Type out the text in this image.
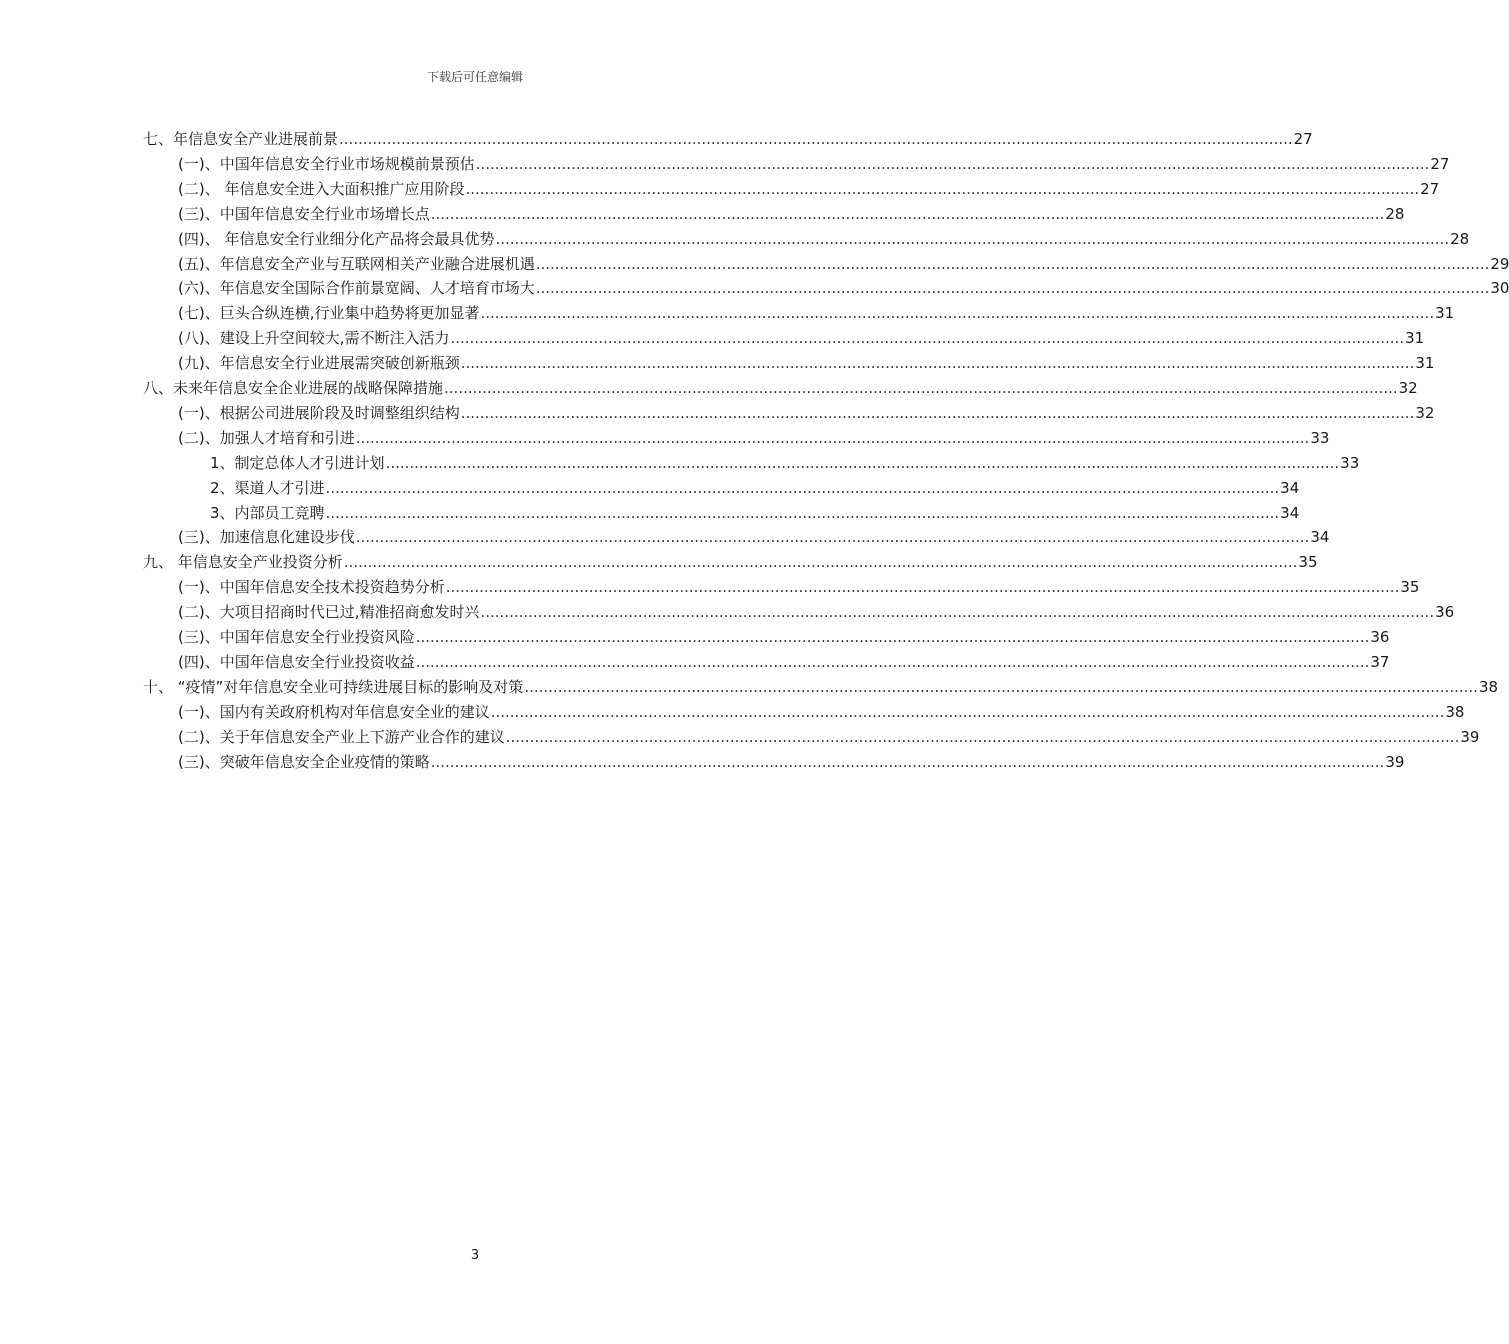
下载后可任意编辑
七、年信息安全产业进展前景 ........................................................................................................................................................................................................ 27
(一)、中国年信息安全行业市场规模前景预估 ........................................................................................................................................................................................................ 27
(二)、 年信息安全进入大面积推广应用阶段 ........................................................................................................................................................................................................ 27
(三)、中国年信息安全行业市场增长点 ........................................................................................................................................................................................................ 28
(四)、 年信息安全行业细分化产品将会最具优势 ........................................................................................................................................................................................................ 28
(五)、年信息安全产业与互联网相关产业融合进展机遇 ........................................................................................................................................................................................................ 29
(六)、年信息安全国际合作前景宽阔、人才培育市场大 ........................................................................................................................................................................................................ 30
(七)、巨头合纵连横,行业集中趋势将更加显著 ........................................................................................................................................................................................................ 31
(八)、建设上升空间较大,需不断注入活力 ........................................................................................................................................................................................................ 31
(九)、年信息安全行业进展需突破创新瓶颈 ........................................................................................................................................................................................................ 31
八、未来年信息安全企业进展的战略保障措施 ........................................................................................................................................................................................................ 32
(一)、根据公司进展阶段及时调整组织结构 ........................................................................................................................................................................................................ 32
(二)、加强人才培育和引进 ........................................................................................................................................................................................................ 33
1、制定总体人才引进计划 ........................................................................................................................................................................................................ 33
2、渠道人才引进 ........................................................................................................................................................................................................ 34
3、内部员工竞聘 ........................................................................................................................................................................................................ 34
(三)、加速信息化建设步伐 ........................................................................................................................................................................................................ 34
九、 年信息安全产业投资分析 ........................................................................................................................................................................................................ 35
(一)、中国年信息安全技术投资趋势分析 ........................................................................................................................................................................................................ 35
(二)、大项目招商时代已过,精准招商愈发时兴 ........................................................................................................................................................................................................ 36
(三)、中国年信息安全行业投资风险 ........................................................................................................................................................................................................ 36
(四)、中国年信息安全行业投资收益 ........................................................................................................................................................................................................ 37
十、 “疫情”对年信息安全业可持续进展目标的影响及对策 ........................................................................................................................................................................................................ 38
(一)、国内有关政府机构对年信息安全业的建议 ........................................................................................................................................................................................................ 38
(二)、关于年信息安全产业上下游产业合作的建议 ........................................................................................................................................................................................................ 39
(三)、突破年信息安全企业疫情的策略 ........................................................................................................................................................................................................ 39
3
